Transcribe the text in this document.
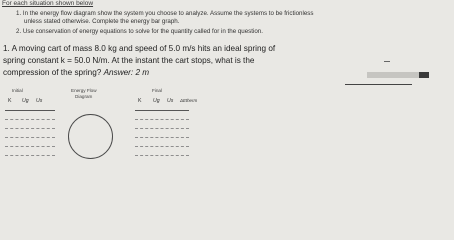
For each situation shown below
1. In the energy flow diagram show the system you choose to analyze. Assume the systems to be frictionless
unless stated otherwise. Complete the energy bar graph.
2. Use conservation of energy equations to solve for the quantity called for in the question.
1. A moving cart of mass 8.0 kg and speed of 5.0 m/s hits an ideal spring of
spring constant k = 50.0 N/m. At the instant the cart stops, what is the
compression of the spring? Answer: 2 m
Initial
K Ug Us
Energy Flow
Diagram
Final
K Ug Us ΔEtherm
